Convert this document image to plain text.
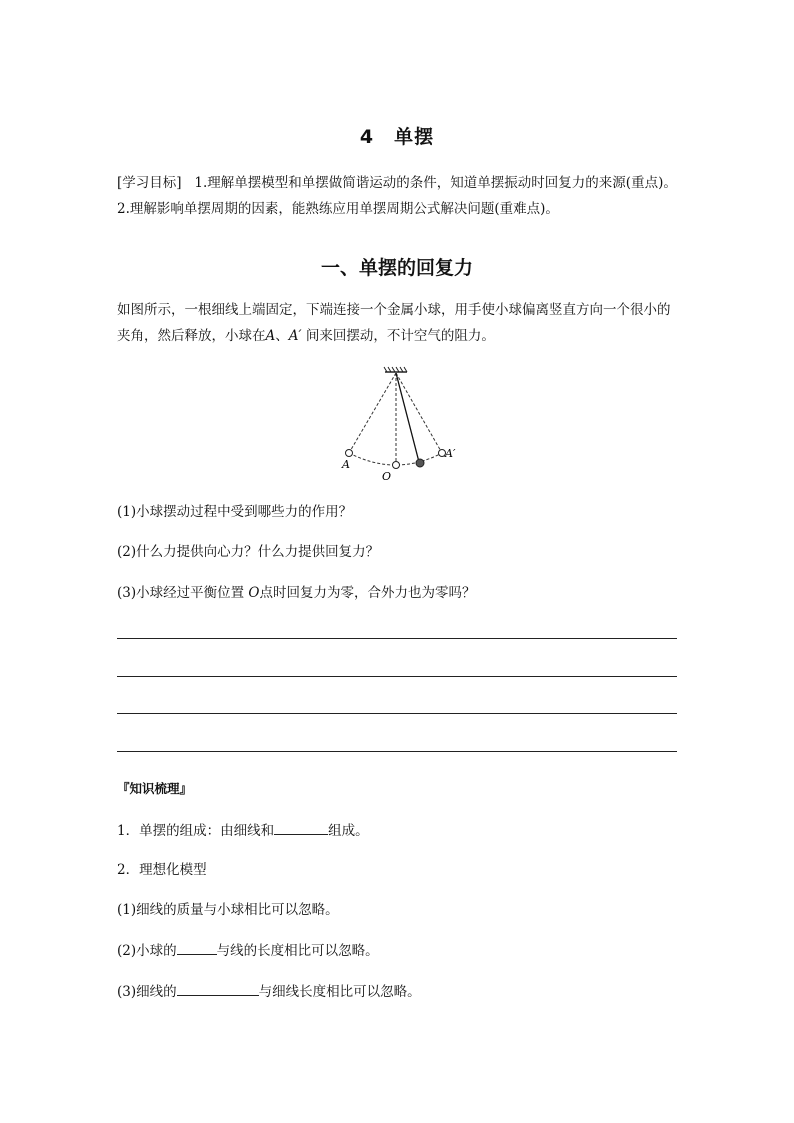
4 单摆
[学习目标] 1.理解单摆模型和单摆做简谐运动的条件，知道单摆振动时回复力的来源(重点)。2.理解影响单摆周期的因素，能熟练应用单摆周期公式解决问题(重难点)。
一、单摆的回复力
如图所示，一根细线上端固定，下端连接一个金属小球，用手使小球偏离竖直方向一个很小的夹角，然后释放，小球在A、A′ 间来回摆动，不计空气的阻力。
A
O
A′
(1)小球摆动过程中受到哪些力的作用？
(2)什么力提供向心力？什么力提供回复力？
(3)小球经过平衡位置 O点时回复力为零，合外力也为零吗？
『知识梳理』
1．单摆的组成：由细线和	组成。
2．理想化模型
(1)细线的质量与小球相比可以忽略。
(2)小球的	与线的长度相比可以忽略。
(3)细线的	与细线长度相比可以忽略。
